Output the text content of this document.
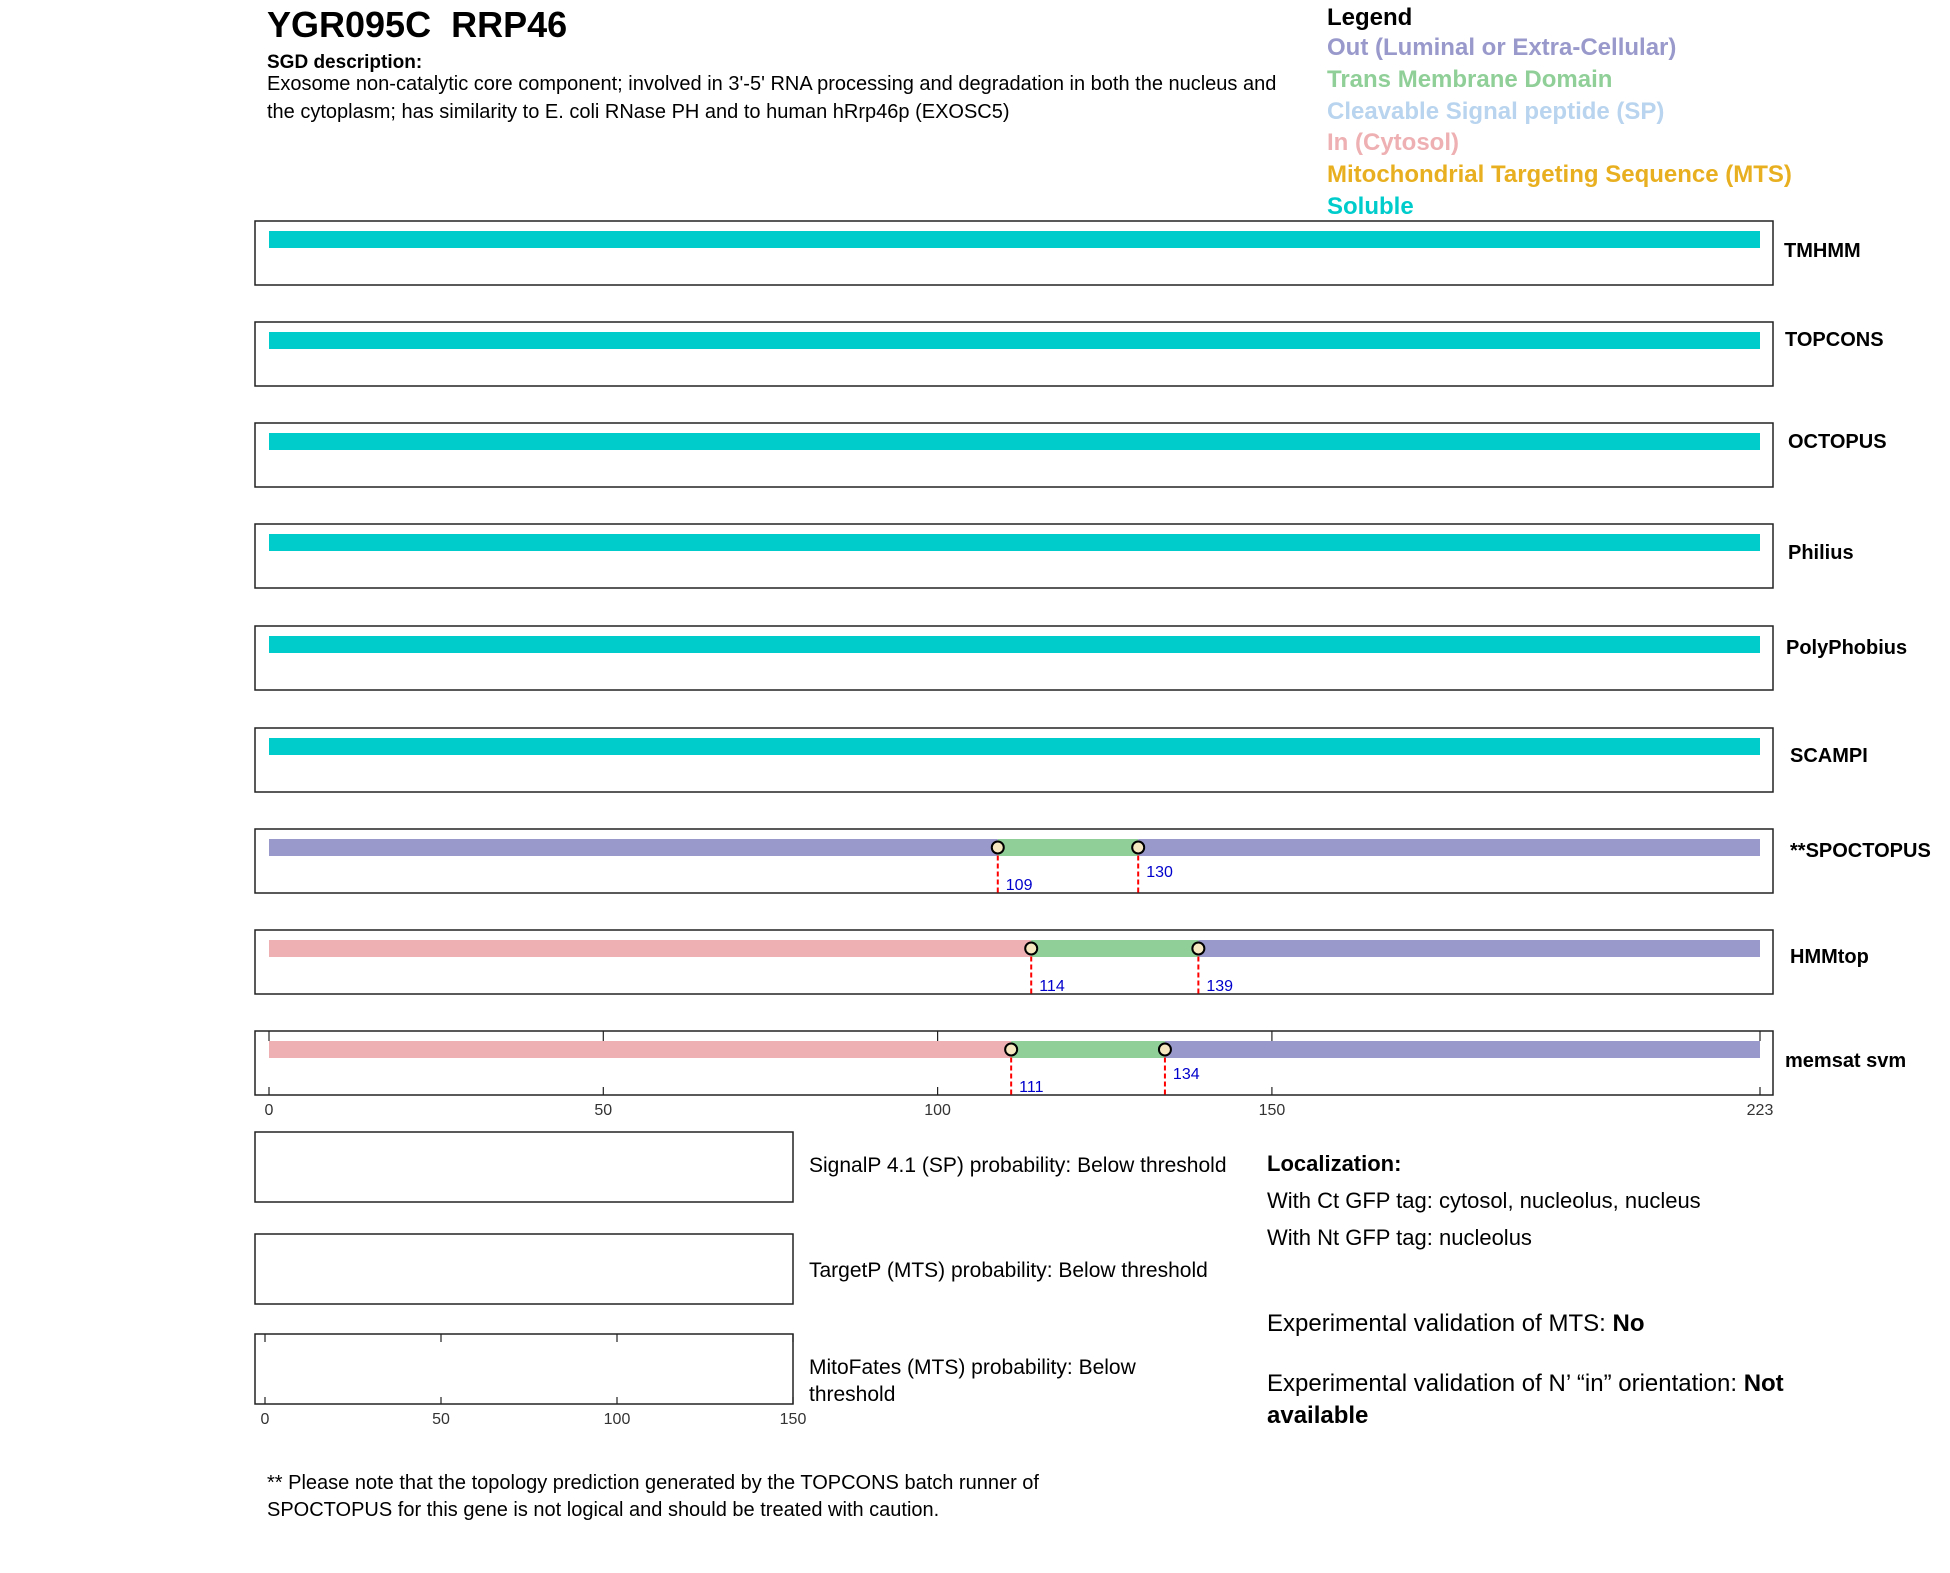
YGR095C  RRP46
SGD description:
Exosome non-catalytic core component; involved in 3'-5' RNA processing and degradation in both the nucleus and the cytoplasm; has similarity to E. coli RNase PH and to human hRrp46p (EXOSC5)
Legend
Out (Luminal or Extra-Cellular)
Trans Membrane Domain
Cleavable Signal peptide (SP)
In (Cytosol)
Mitochondrial Targeting Sequence (MTS)
Soluble
TMHMM
TOPCONS
OCTOPUS
Philius
PolyPhobius
SCAMPI
**SPOCTOPUS
109
130
HMMtop
114	139
memsat svm
111
134
0	50	100	150	223
0	50	100	150
SignalP 4.1 (SP) probability: Below threshold
TargetP (MTS) probability: Below threshold
MitoFates (MTS) probability: Below threshold
Localization:
With Ct GFP tag: cytosol, nucleolus, nucleus
With Nt GFP tag: nucleolus
Experimental validation of MTS: No
Experimental validation of N’ “in” orientation: Not available
** Please note that the topology prediction generated by the TOPCONS batch runner of SPOCTOPUS for this gene is not logical and should be treated with caution.
